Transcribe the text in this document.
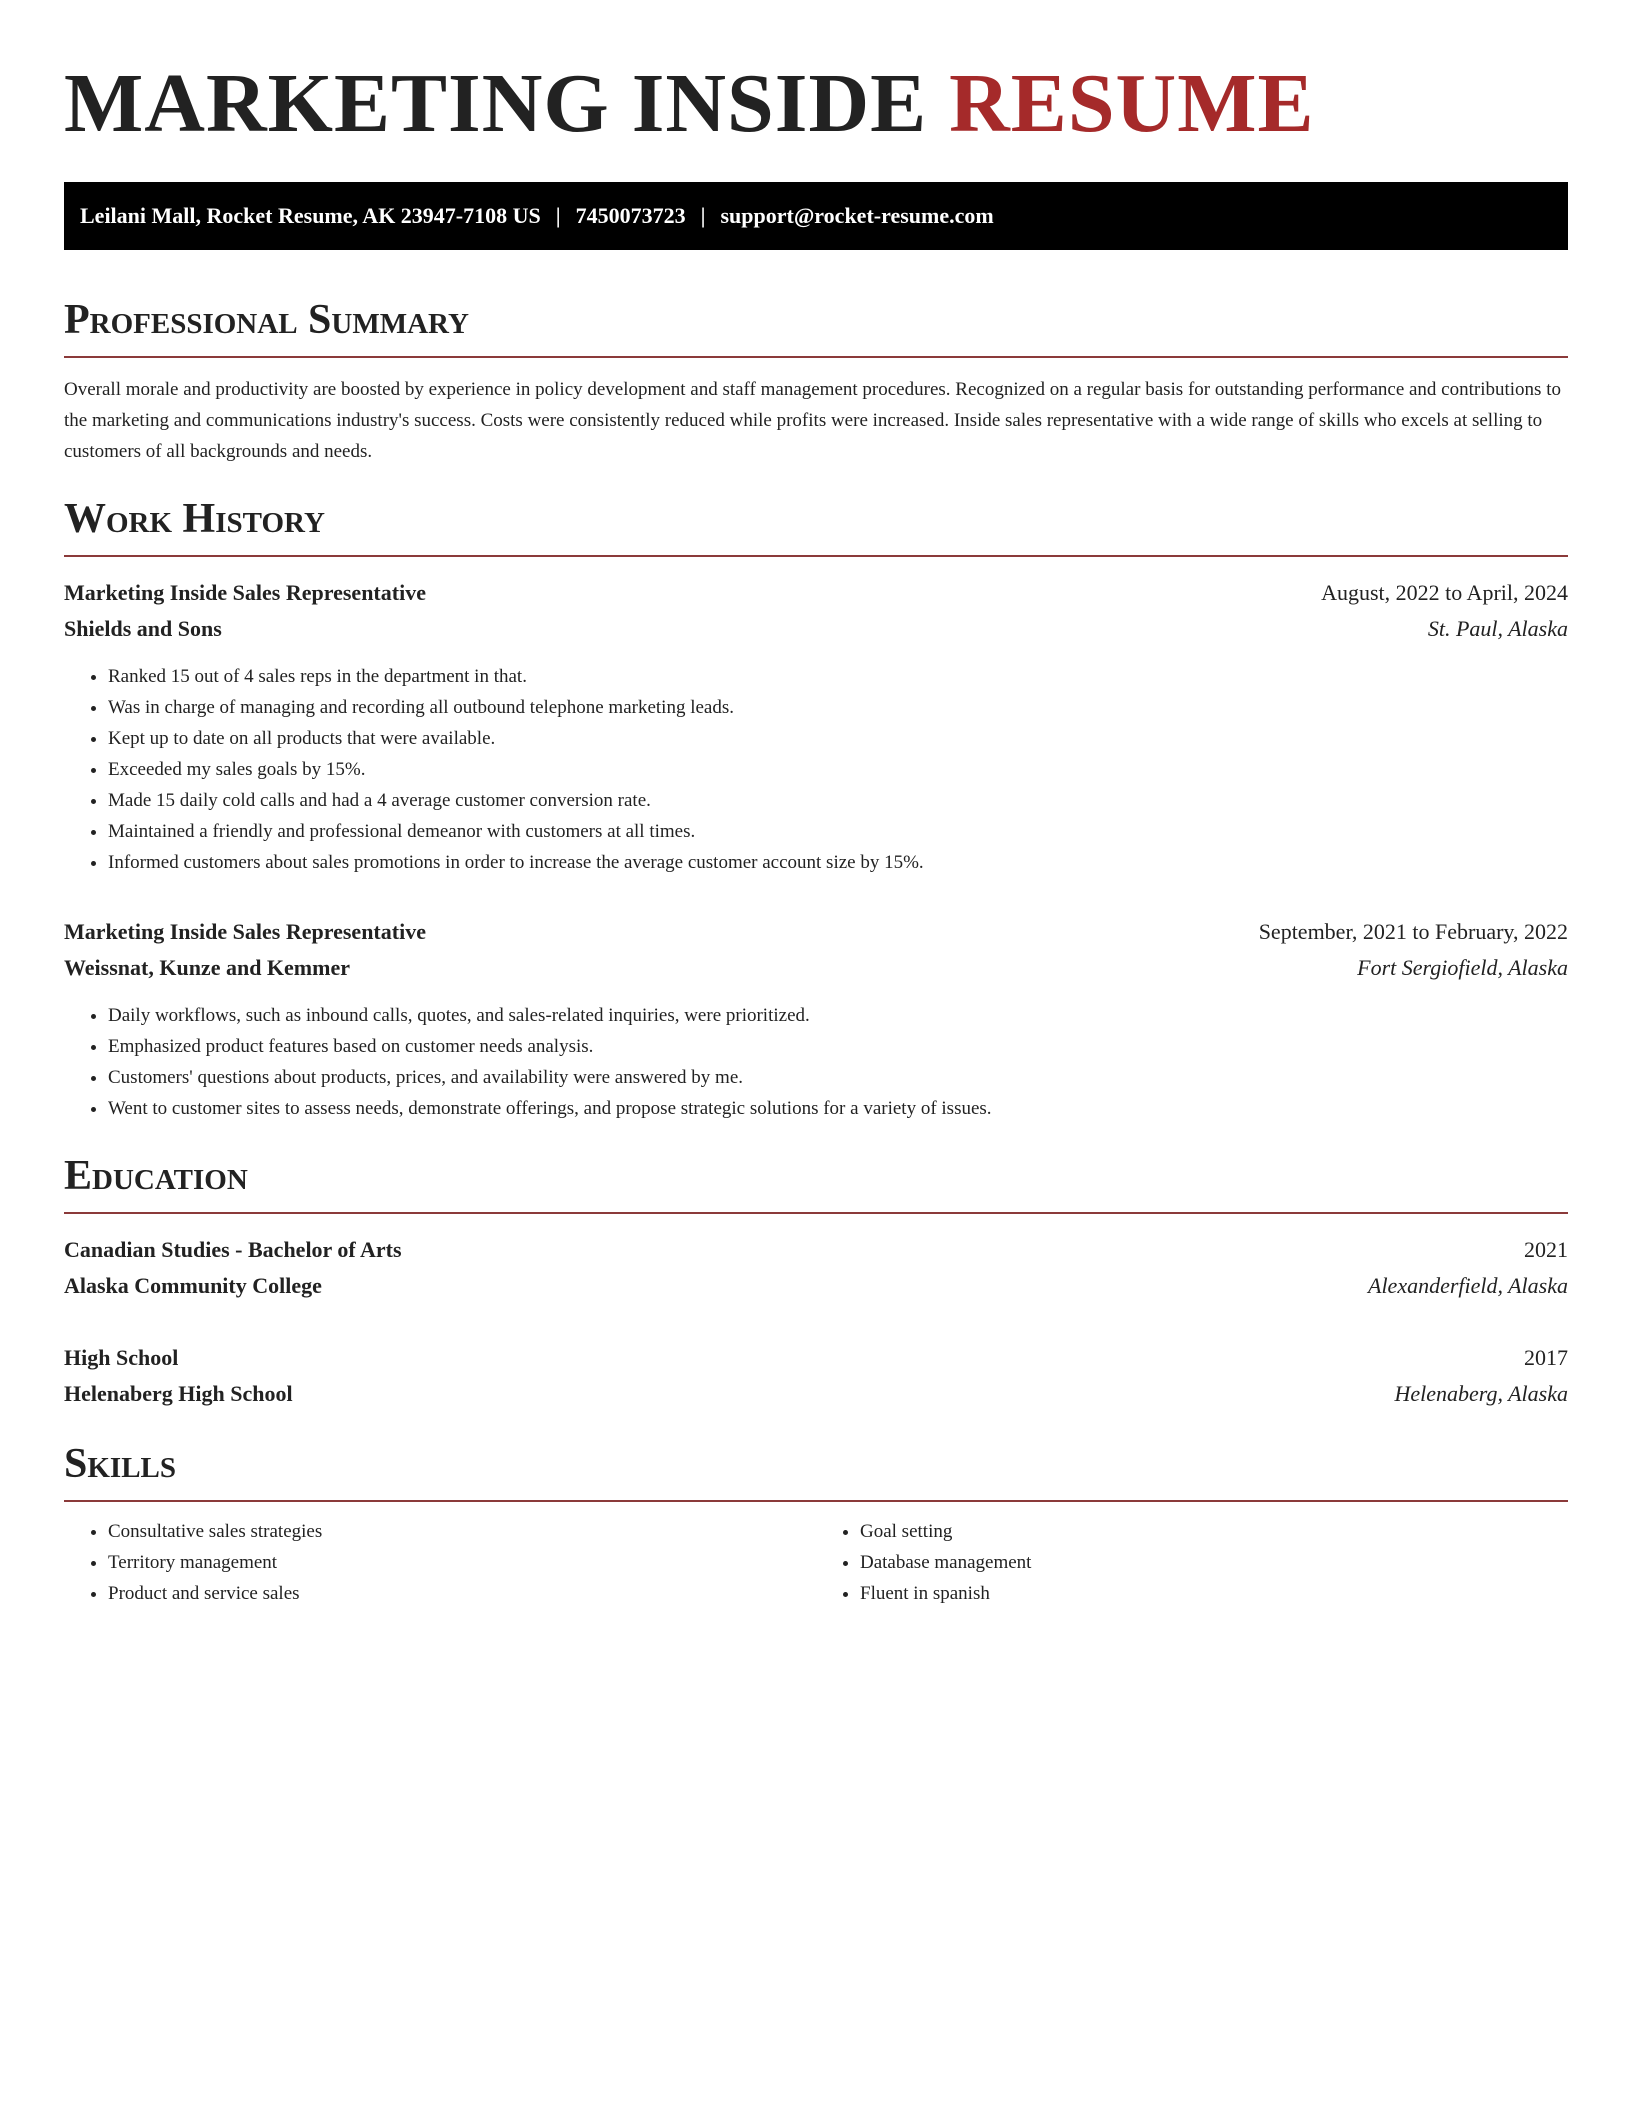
MARKETING INSIDE RESUME
Leilani Mall, Rocket Resume, AK 23947-7108 US | 7450073723 | support@rocket-resume.com
Professional Summary

Overall morale and productivity are boosted by experience in policy development and staff management procedures. Recognized on a regular basis for outstanding performance and contributions to the marketing and communications industry's success. Costs were consistently reduced while profits were increased. Inside sales representative with a wide range of skills who excels at selling to customers of all backgrounds and needs.

Work History
Marketing Inside Sales Representative	August, 2022 to April, 2024
Shields and Sons	St. Paul, Alaska
• Ranked 15 out of 4 sales reps in the department in that.
• Was in charge of managing and recording all outbound telephone marketing leads.
• Kept up to date on all products that were available.
• Exceeded my sales goals by 15%.
• Made 15 daily cold calls and had a 4 average customer conversion rate.
• Maintained a friendly and professional demeanor with customers at all times.
• Informed customers about sales promotions in order to increase the average customer account size by 15%.
Marketing Inside Sales Representative	September, 2021 to February, 2022
Weissnat, Kunze and Kemmer	Fort Sergiofield, Alaska
• Daily workflows, such as inbound calls, quotes, and sales-related inquiries, were prioritized.
• Emphasized product features based on customer needs analysis.
• Customers' questions about products, prices, and availability were answered by me.
• Went to customer sites to assess needs, demonstrate offerings, and propose strategic solutions for a variety of issues.
Education
Canadian Studies - Bachelor of Arts	2021
Alaska Community College	Alexanderfield, Alaska
High School	2017
Helenaberg High School	Helenaberg, Alaska
Skills
• Consultative sales strategies
• Territory management
• Product and service sales
• Goal setting
• Database management
• Fluent in spanish
